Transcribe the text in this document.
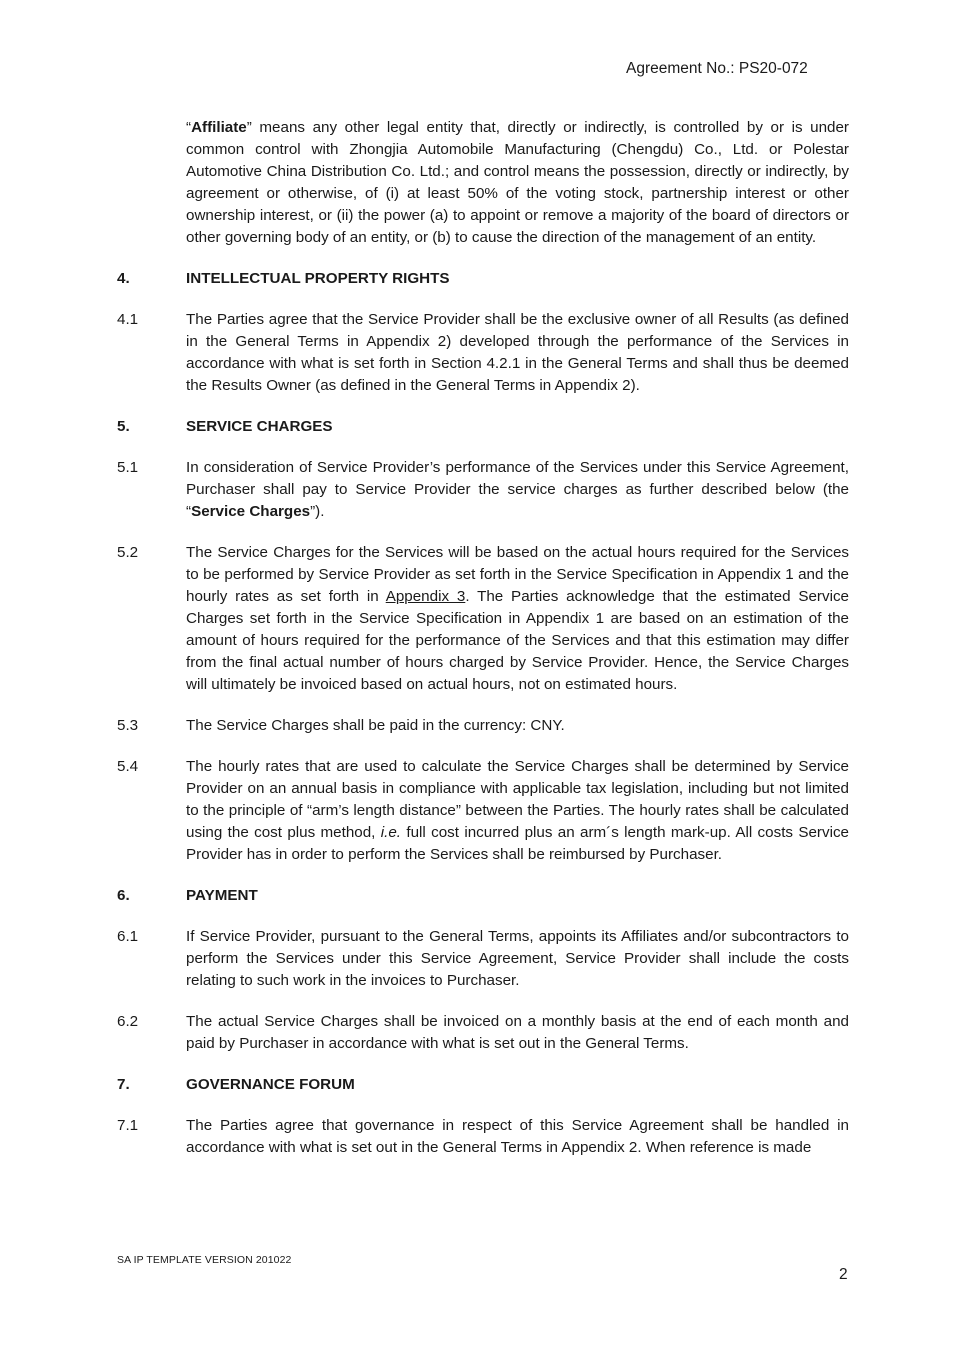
Agreement No.: PS20-072
“Affiliate” means any other legal entity that, directly or indirectly, is controlled by or is under common control with Zhongjia Automobile Manufacturing (Chengdu) Co., Ltd. or Polestar Automotive China Distribution Co. Ltd.; and control means the possession, directly or indirectly, by agreement or otherwise, of (i) at least 50% of the voting stock, partnership interest or other ownership interest, or (ii) the power (a) to appoint or remove a majority of the board of directors or other governing body of an entity, or (b) to cause the direction of the management of an entity.
4.	INTELLECTUAL PROPERTY RIGHTS
4.1	The Parties agree that the Service Provider shall be the exclusive owner of all Results (as defined in the General Terms in Appendix 2) developed through the performance of the Services in accordance with what is set forth in Section 4.2.1 in the General Terms and shall thus be deemed the Results Owner (as defined in the General Terms in Appendix 2).
5.	SERVICE CHARGES
5.1	In consideration of Service Provider’s performance of the Services under this Service Agreement, Purchaser shall pay to Service Provider the service charges as further described below (the “Service Charges”).
5.2	The Service Charges for the Services will be based on the actual hours required for the Services to be performed by Service Provider as set forth in the Service Specification in Appendix 1 and the hourly rates as set forth in Appendix 3. The Parties acknowledge that the estimated Service Charges set forth in the Service Specification in Appendix 1 are based on an estimation of the amount of hours required for the performance of the Services and that this estimation may differ from the final actual number of hours charged by Service Provider. Hence, the Service Charges will ultimately be invoiced based on actual hours, not on estimated hours.
5.3	The Service Charges shall be paid in the currency: CNY.
5.4	The hourly rates that are used to calculate the Service Charges shall be determined by Service Provider on an annual basis in compliance with applicable tax legislation, including but not limited to the principle of “arm’s length distance” between the Parties. The hourly rates shall be calculated using the cost plus method, i.e. full cost incurred plus an arm´s length mark-up. All costs Service Provider has in order to perform the Services shall be reimbursed by Purchaser.
6.	PAYMENT
6.1	If Service Provider, pursuant to the General Terms, appoints its Affiliates and/or subcontractors to perform the Services under this Service Agreement, Service Provider shall include the costs relating to such work in the invoices to Purchaser.
6.2	The actual Service Charges shall be invoiced on a monthly basis at the end of each month and paid by Purchaser in accordance with what is set out in the General Terms.
7.	GOVERNANCE FORUM
7.1	The Parties agree that governance in respect of this Service Agreement shall be handled in accordance with what is set out in the General Terms in Appendix 2. When reference is made
SA IP TEMPLATE VERSION 201022
2
